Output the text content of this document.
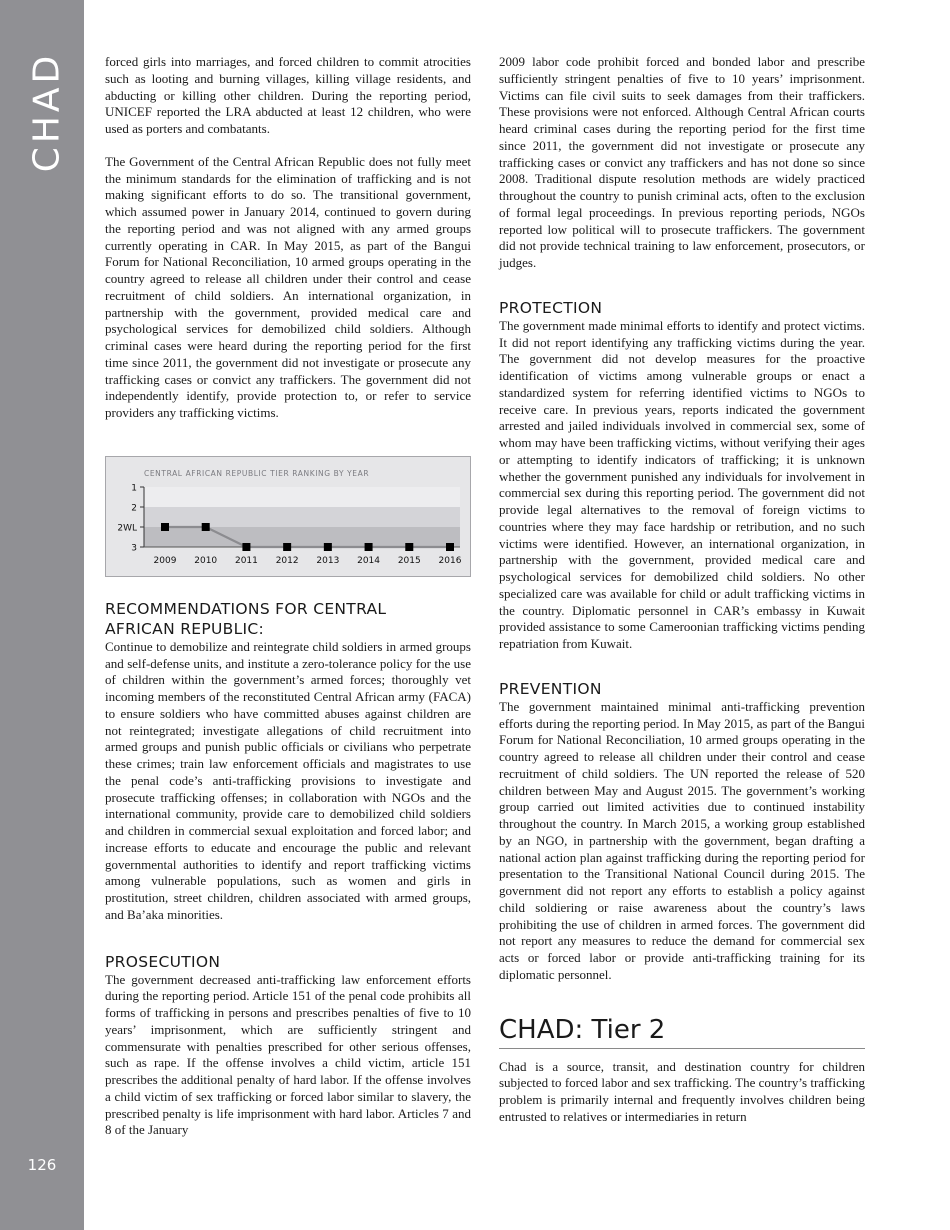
CHAD
126

forced girls into marriages, and forced children to commit atrocities such as looting and burning villages, killing village residents, and abducting or killing other children. During the reporting period, UNICEF reported the LRA abducted at least 12 children, who were used as porters and combatants.

The Government of the Central African Republic does not fully meet the minimum standards for the elimination of trafficking and is not making significant efforts to do so. The transitional government, which assumed power in January 2014, continued to govern during the reporting period and was not aligned with any armed groups currently operating in CAR. In May 2015, as part of the Bangui Forum for National Reconciliation, 10 armed groups operating in the country agreed to release all children under their control and cease recruitment of child soldiers. An international organization, in partnership with the government, provided medical care and psychological services for demobilized child soldiers. Although criminal cases were heard during the reporting period for the first time since 2011, the government did not investigate or prosecute any trafficking cases or convict any traffickers. The government did not independently identify, provide protection to, or refer to service providers any trafficking victims.

CENTRAL AFRICAN REPUBLIC TIER RANKING BY YEAR
1
2
2WL
3
2009 2010 2011 2012 2013 2014 2015 2016
RECOMMENDATIONS FOR CENTRAL
AFRICAN REPUBLIC:

Continue to demobilize and reintegrate child soldiers in armed groups and self-defense units, and institute a zero-tolerance policy for the use of children within the government’s armed forces; thoroughly vet incoming members of the reconstituted Central African army (FACA) to ensure soldiers who have committed abuses against children are not reintegrated; investigate allegations of child recruitment into armed groups and punish public officials or civilians who perpetrate these crimes; train law enforcement officials and magistrates to use the penal code’s anti-trafficking provisions to investigate and prosecute trafficking offenses; in collaboration with NGOs and the international community, provide care to demobilized child soldiers and children in commercial sexual exploitation and forced labor; and increase efforts to educate and encourage the public and relevant governmental authorities to identify and report trafficking victims among vulnerable populations, such as women and girls in prostitution, street children, children associated with armed groups, and Ba’aka minorities.

PROSECUTION

The government decreased anti-trafficking law enforcement efforts during the reporting period. Article 151 of the penal code prohibits all forms of trafficking in persons and prescribes penalties of five to 10 years’ imprisonment, which are sufficiently stringent and commensurate with penalties prescribed for other serious offenses, such as rape. If the offense involves a child victim, article 151 prescribes the additional penalty of hard labor. If the offense involves a child victim of sex trafficking or forced labor similar to slavery, the prescribed penalty is life imprisonment with hard labor. Articles 7 and 8 of the January

2009 labor code prohibit forced and bonded labor and prescribe sufficiently stringent penalties of five to 10 years’ imprisonment. Victims can file civil suits to seek damages from their traffickers. These provisions were not enforced. Although Central African courts heard criminal cases during the reporting period for the first time since 2011, the government did not investigate or prosecute any trafficking cases or convict any traffickers and has not done so since 2008. Traditional dispute resolution methods are widely practiced throughout the country to punish criminal acts, often to the exclusion of formal legal proceedings. In previous reporting periods, NGOs reported low political will to prosecute traffickers. The government did not provide technical training to law enforcement, prosecutors, or judges.

PROTECTION

The government made minimal efforts to identify and protect victims. It did not report identifying any trafficking victims during the year. The government did not develop measures for the proactive identification of victims among vulnerable groups or enact a standardized system for referring identified victims to NGOs to receive care. In previous years, reports indicated the government arrested and jailed individuals involved in commercial sex, some of whom may have been trafficking victims, without verifying their ages or attempting to identify indicators of trafficking; it is unknown whether the government punished any individuals for involvement in commercial sex during this reporting period. The government did not provide legal alternatives to the removal of foreign victims to countries where they may face hardship or retribution, and no such victims were identified. However, an international organization, in partnership with the government, provided medical care and psychological services for demobilized child soldiers. No other specialized care was available for child or adult trafficking victims in the country. Diplomatic personnel in CAR’s embassy in Kuwait provided assistance to some Cameroonian trafficking victims pending repatriation from Kuwait.

PREVENTION

The government maintained minimal anti-trafficking prevention efforts during the reporting period. In May 2015, as part of the Bangui Forum for National Reconciliation, 10 armed groups operating in the country agreed to release all children under their control and cease recruitment of child soldiers. The UN reported the release of 520 children between May and August 2015. The government’s working group carried out limited activities due to continued instability throughout the country. In March 2015, a working group established by an NGO, in partnership with the government, began drafting a national action plan against trafficking during the reporting period for presentation to the Transitional National Council during 2015. The government did not report any efforts to establish a policy against child soldiering or raise awareness about the country’s laws prohibiting the use of children in armed forces. The government did not report any measures to reduce the demand for commercial sex acts or forced labor or provide anti-trafficking training for its diplomatic personnel.

CHAD: Tier 2

Chad is a source, transit, and destination country for children subjected to forced labor and sex trafficking. The country’s trafficking problem is primarily internal and frequently involves children being entrusted to relatives or intermediaries in return
